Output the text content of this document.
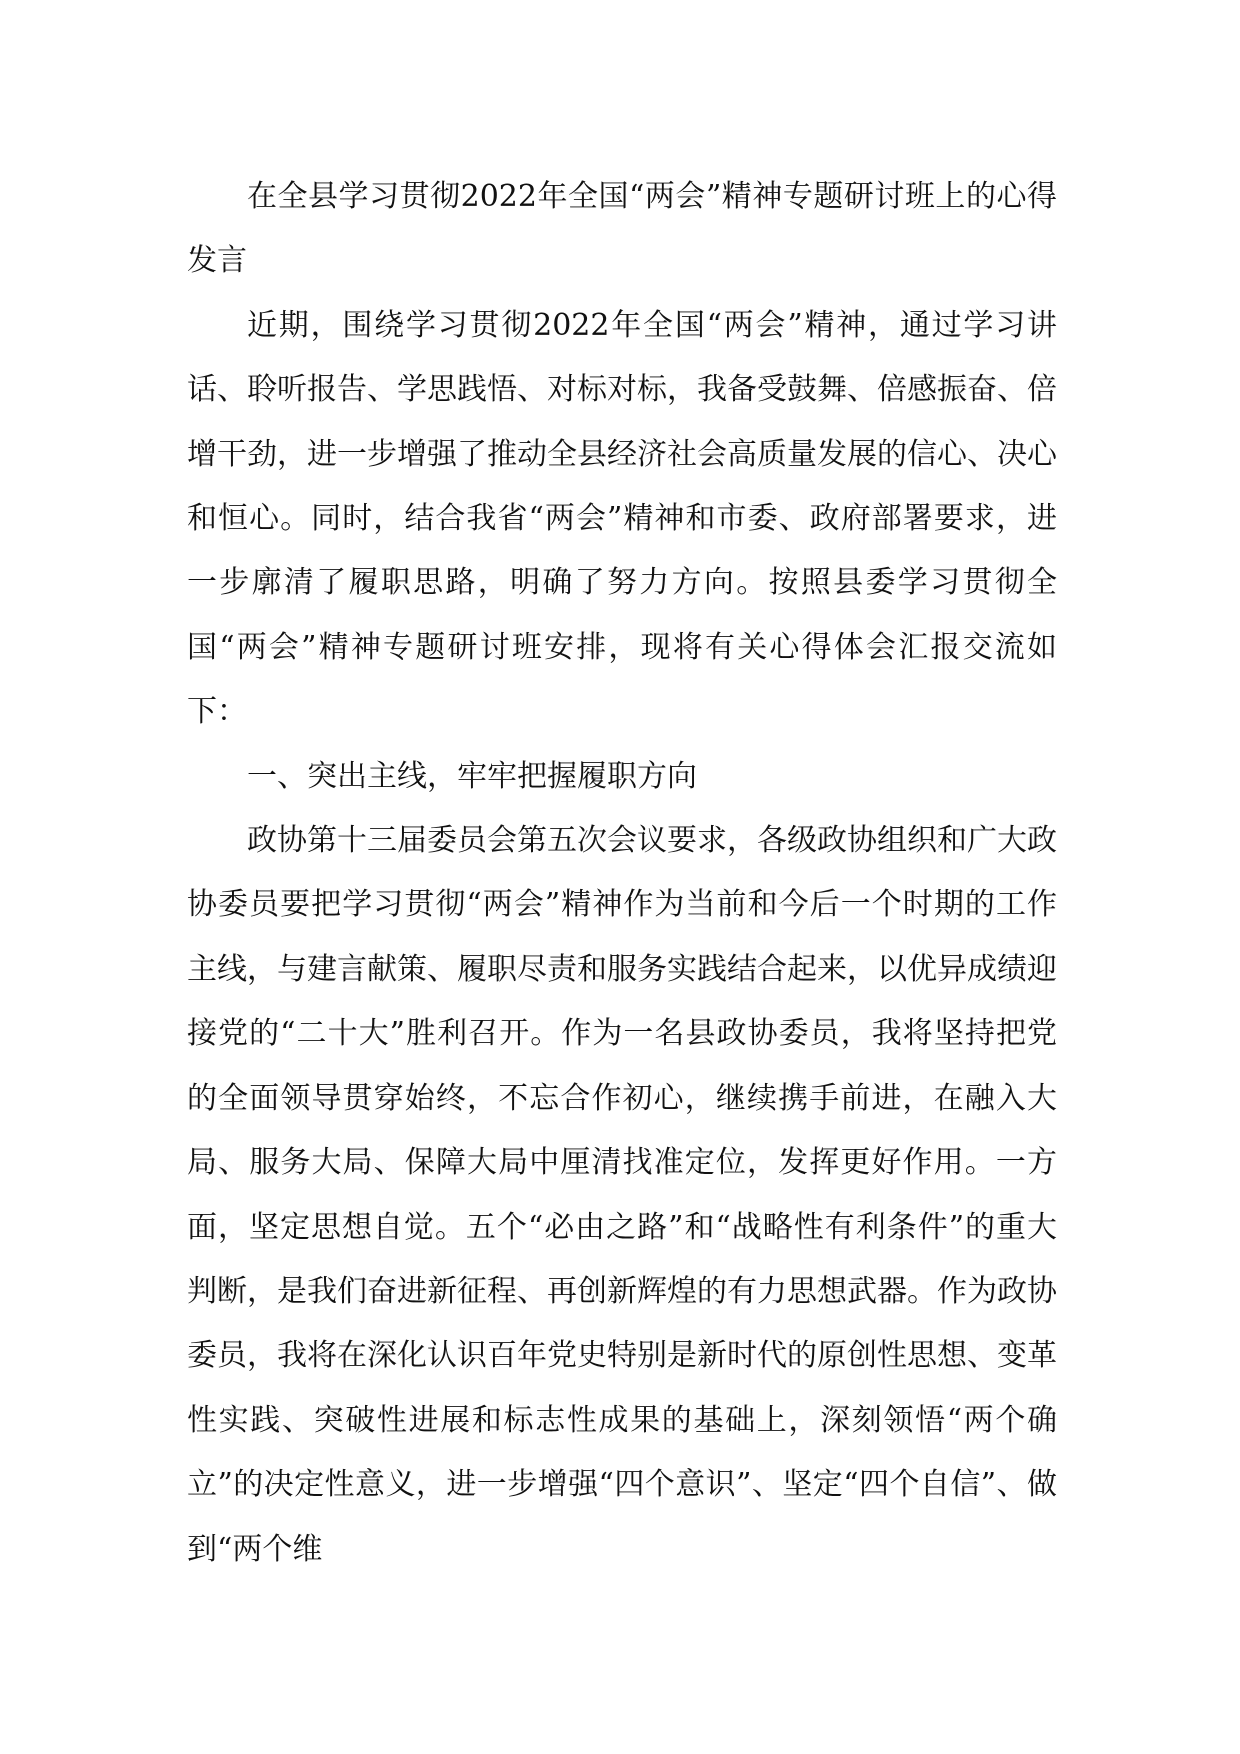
在全县学习贯彻2022年全国“两会”精神专题研讨班上的心得发言

近期，围绕学习贯彻2022年全国“两会”精神，通过学习讲话、聆听报告、学思践悟、对标对标，我备受鼓舞、倍感振奋、倍增干劲，进一步增强了推动全县经济社会高质量发展的信心、决心和恒心。同时，结合我省“两会”精神和市委、政府部署要求，进一步廓清了履职思路，明确了努力方向。按照县委学习贯彻全国“两会”精神专题研讨班安排，现将有关心得体会汇报交流如下：

一、突出主线，牢牢把握履职方向

政协第十三届委员会第五次会议要求，各级政协组织和广大政协委员要把学习贯彻“两会”精神作为当前和今后一个时期的工作主线，与建言献策、履职尽责和服务实践结合起来，以优异成绩迎接党的“二十大”胜利召开。作为一名县政协委员，我将坚持把党的全面领导贯穿始终，不忘合作初心，继续携手前进，在融入大局、服务大局、保障大局中厘清找准定位，发挥更好作用。一方面，坚定思想自觉。五个“必由之路”和“战略性有利条件”的重大判断，是我们奋进新征程、再创新辉煌的有力思想武器。作为政协委员，我将在深化认识百年党史特别是新时代的原创性思想、变革性实践、突破性进展和标志性成果的基础上，深刻领悟“两个确立”的决定性意义，进一步增强“四个意识”、坚定“四个自信”、做到“两个维
